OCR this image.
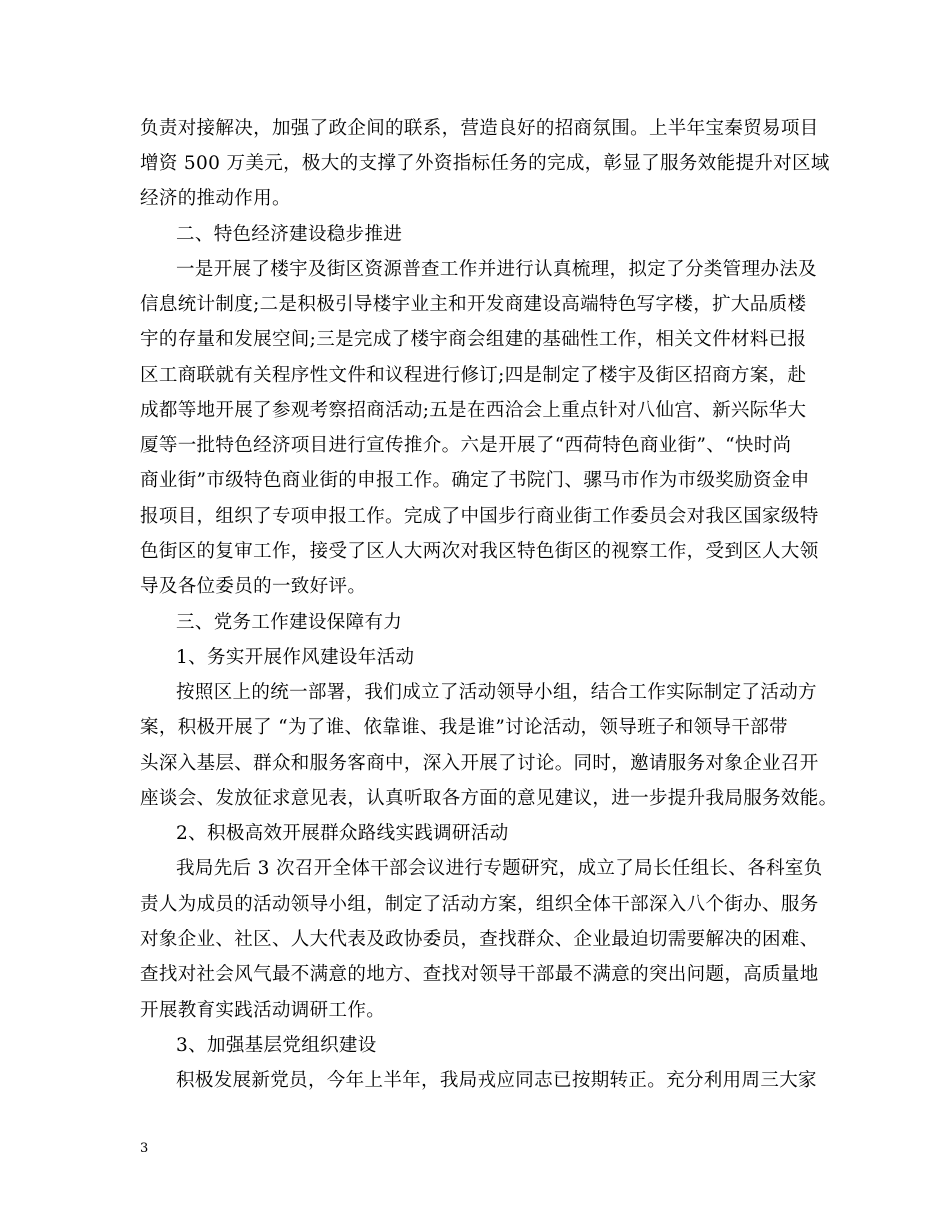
负责对接解决，加强了政企间的联系，营造良好的招商氛围。上半年宝秦贸易项目
增资 500 万美元，极大的支撑了外资指标任务的完成，彰显了服务效能提升对区域
经济的推动作用。
二、特色经济建设稳步推进
一是开展了楼宇及街区资源普查工作并进行认真梳理，拟定了分类管理办法及
信息统计制度;二是积极引导楼宇业主和开发商建设高端特色写字楼，扩大品质楼
宇的存量和发展空间;三是完成了楼宇商会组建的基础性工作，相关文件材料已报
区工商联就有关程序性文件和议程进行修订;四是制定了楼宇及街区招商方案，赴
成都等地开展了参观考察招商活动;五是在西洽会上重点针对八仙宫、新兴际华大
厦等一批特色经济项目进行宣传推介。六是开展了“西荷特色商业街”、“快时尚
商业街”市级特色商业街的申报工作。确定了书院门、骡马市作为市级奖励资金申
报项目，组织了专项申报工作。完成了中国步行商业街工作委员会对我区国家级特
色街区的复审工作，接受了区人大两次对我区特色街区的视察工作，受到区人大领
导及各位委员的一致好评。
三、党务工作建设保障有力
1、务实开展作风建设年活动
按照区上的统一部署，我们成立了活动领导小组，结合工作实际制定了活动方
案，积极开展了 “为了谁、依靠谁、我是谁”讨论活动，领导班子和领导干部带
头深入基层、群众和服务客商中，深入开展了讨论。同时，邀请服务对象企业召开
座谈会、发放征求意见表，认真听取各方面的意见建议，进一步提升我局服务效能。
2、积极高效开展群众路线实践调研活动
我局先后 3 次召开全体干部会议进行专题研究，成立了局长任组长、各科室负
责人为成员的活动领导小组，制定了活动方案，组织全体干部深入八个街办、服务
对象企业、社区、人大代表及政协委员，查找群众、企业最迫切需要解决的困难、
查找对社会风气最不满意的地方、查找对领导干部最不满意的突出问题，高质量地
开展教育实践活动调研工作。
3、加强基层党组织建设
积极发展新党员，今年上半年，我局戎应同志已按期转正。充分利用周三大家
3
